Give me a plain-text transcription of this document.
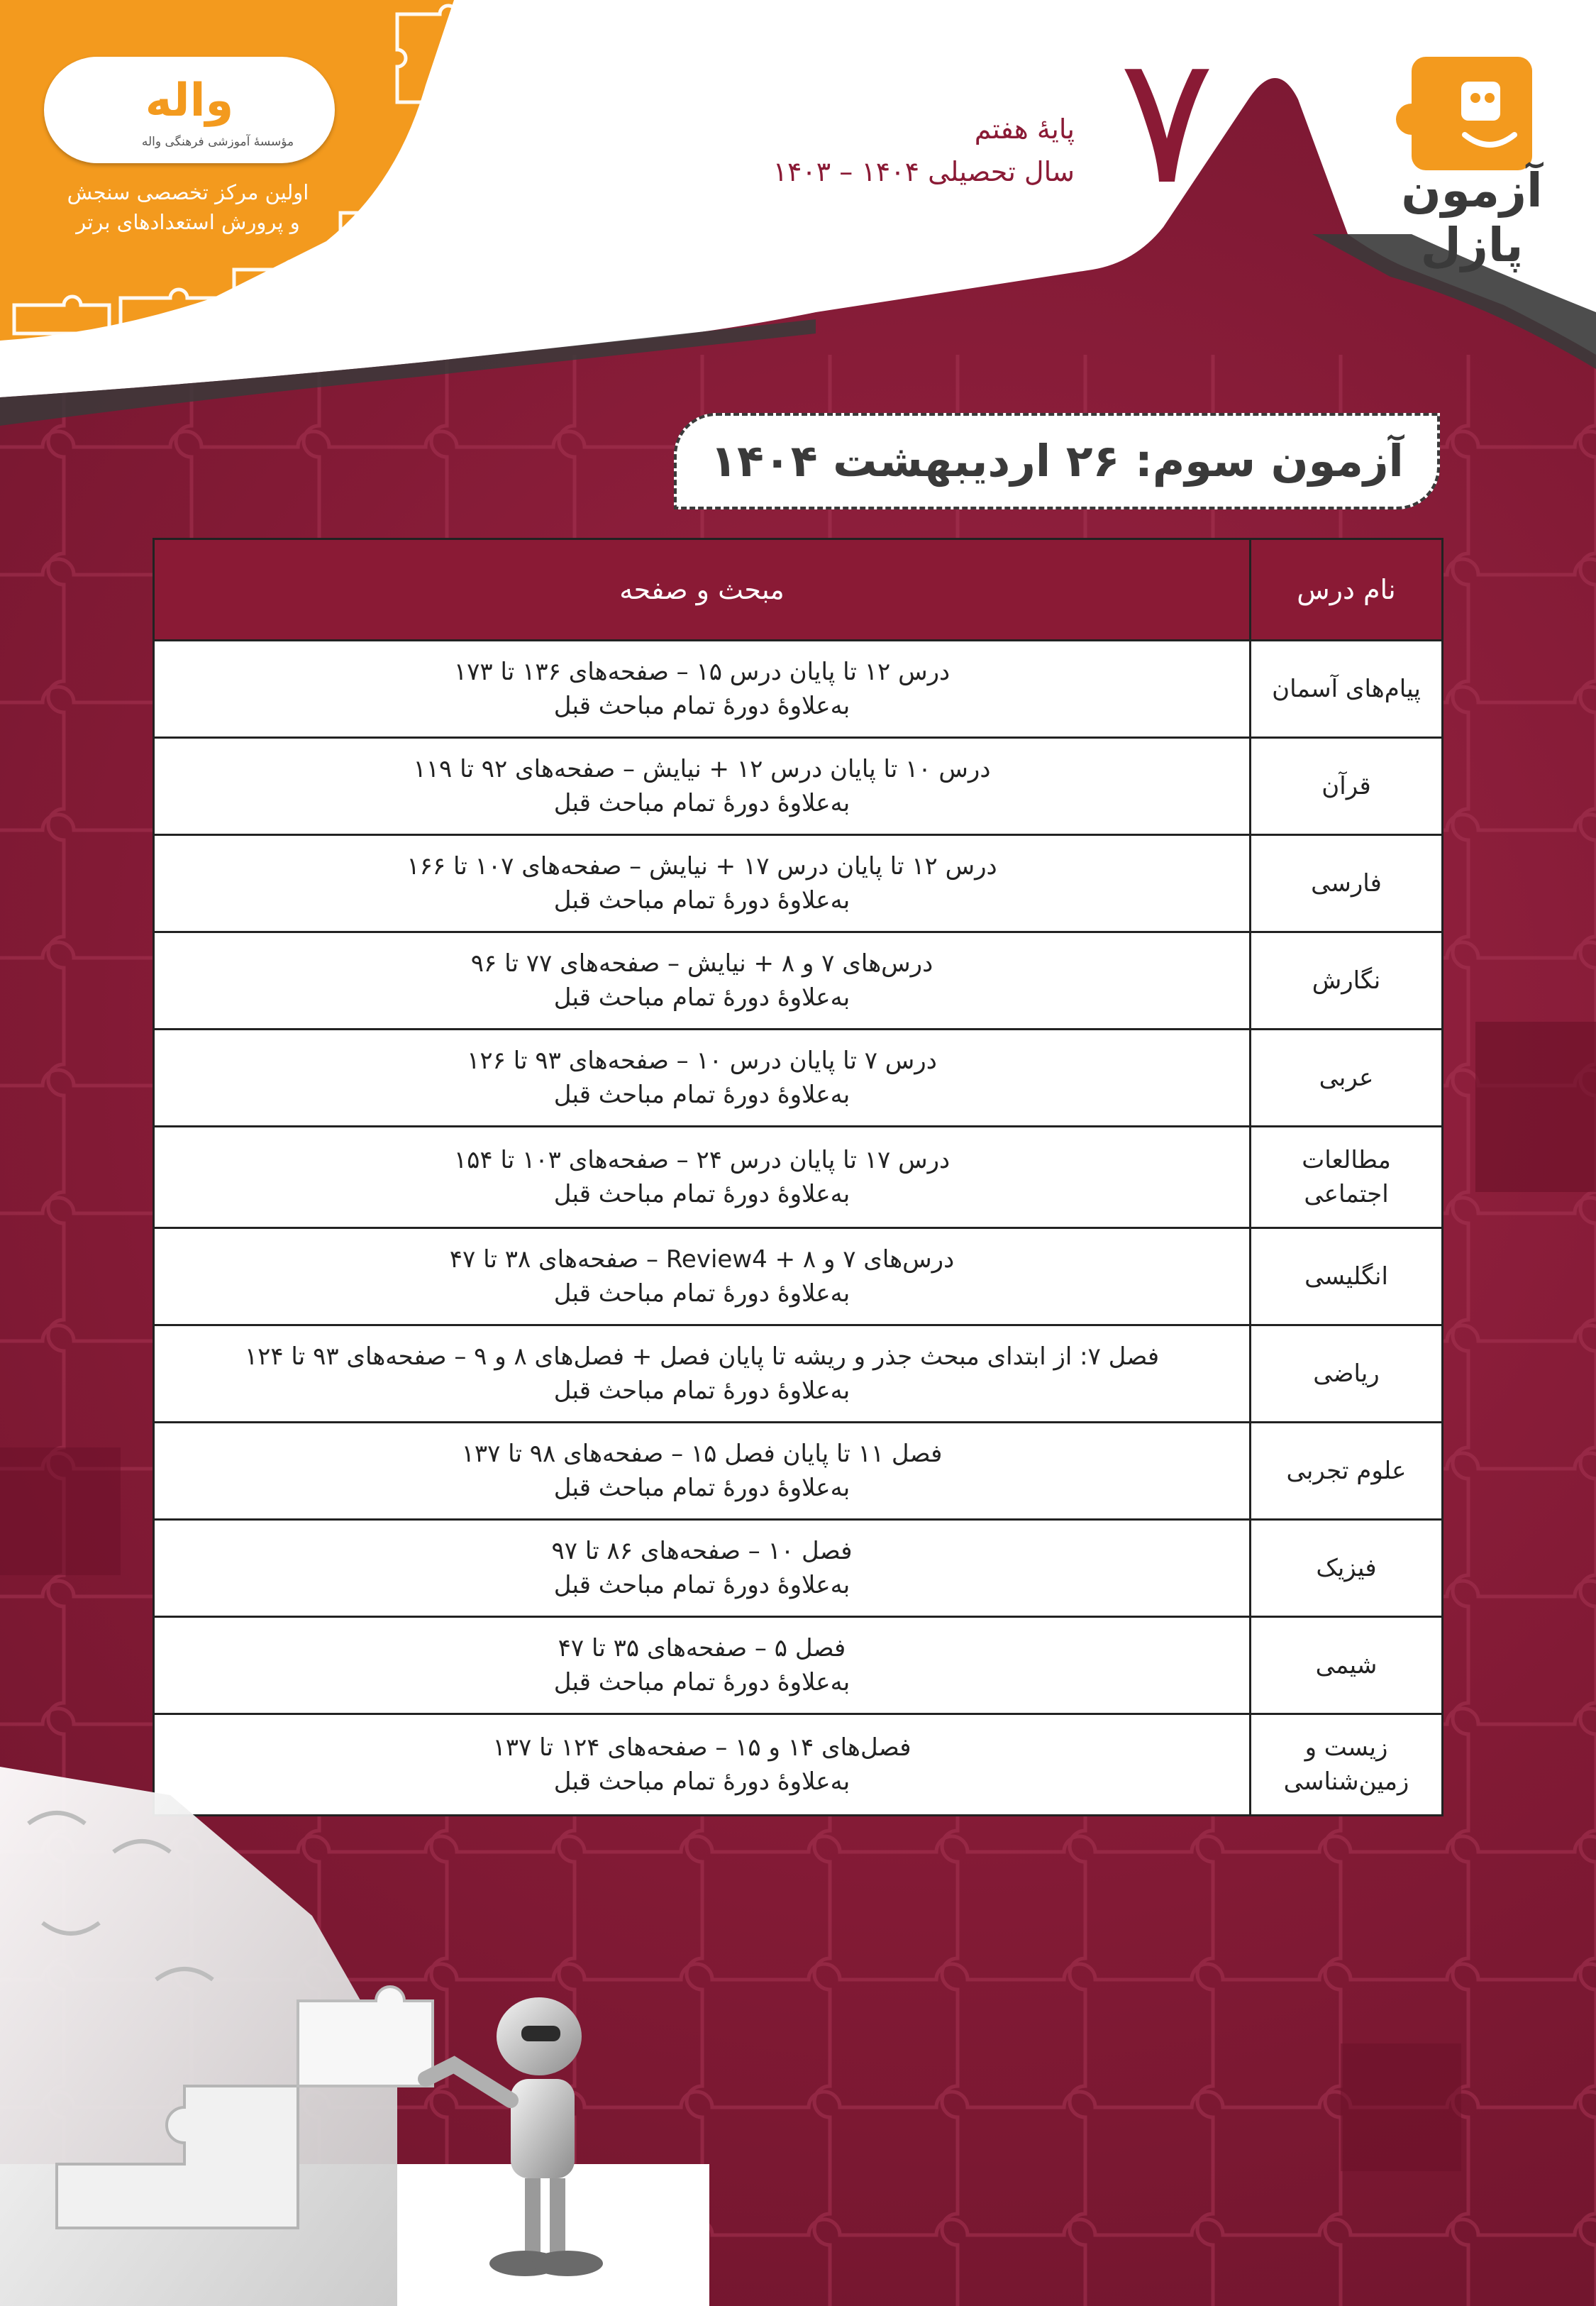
واله
مؤسسهٔ آموزشی فرهنگی واله
اولین مرکز تخصصی سنجش
و پرورش استعدادهای برتر	۷
پایهٔ هفتم
سال تحصیلی ۱۴۰۴ – ۱۴۰۳	آزمون پازل
آزمون سوم: ۲۶ اردیبهشت ۱۴۰۴
نام درس	مبحث و صفحه
پیام‌های آسمان	درس ۱۲ تا پایان درس ۱۵ – صفحه‌های ۱۳۶ تا ۱۷۳
به‌علاوهٔ دورهٔ تمام مباحث قبل

قرآن	درس ۱۰ تا پایان درس ۱۲ + نیایش – صفحه‌های ۹۲ تا ۱۱۹
به‌علاوهٔ دورهٔ تمام مباحث قبل

فارسی	درس ۱۲ تا پایان درس ۱۷ + نیایش – صفحه‌های ۱۰۷ تا ۱۶۶
به‌علاوهٔ دورهٔ تمام مباحث قبل

نگارش	درس‌های ۷ و ۸ + نیایش – صفحه‌های ۷۷ تا ۹۶
به‌علاوهٔ دورهٔ تمام مباحث قبل

عربی	درس ۷ تا پایان درس ۱۰ – صفحه‌های ۹۳ تا ۱۲۶
به‌علاوهٔ دورهٔ تمام مباحث قبل

مطالعات اجتماعی	درس ۱۷ تا پایان درس ۲۴ – صفحه‌های ۱۰۳ تا ۱۵۴
به‌علاوهٔ دورهٔ تمام مباحث قبل

انگلیسی	درس‌های ۷ و ۸ + Review4 – صفحه‌های ۳۸ تا ۴۷
به‌علاوهٔ دورهٔ تمام مباحث قبل

ریاضی	فصل ۷: از ابتدای مبحث جذر و ریشه تا پایان فصل + فصل‌های ۸ و ۹ – صفحه‌های ۹۳ تا ۱۲۴
به‌علاوهٔ دورهٔ تمام مباحث قبل

علوم تجربی	فصل ۱۱ تا پایان فصل ۱۵ – صفحه‌های ۹۸ تا ۱۳۷
به‌علاوهٔ دورهٔ تمام مباحث قبل

فیزیک	فصل ۱۰ – صفحه‌های ۸۶ تا ۹۷
به‌علاوهٔ دورهٔ تمام مباحث قبل

شیمی	فصل ۵ – صفحه‌های ۳۵ تا ۴۷
به‌علاوهٔ دورهٔ تمام مباحث قبل

زیست و زمین‌شناسی	فصل‌های ۱۴ و ۱۵ – صفحه‌های ۱۲۴ تا ۱۳۷
به‌علاوهٔ دورهٔ تمام مباحث قبل
